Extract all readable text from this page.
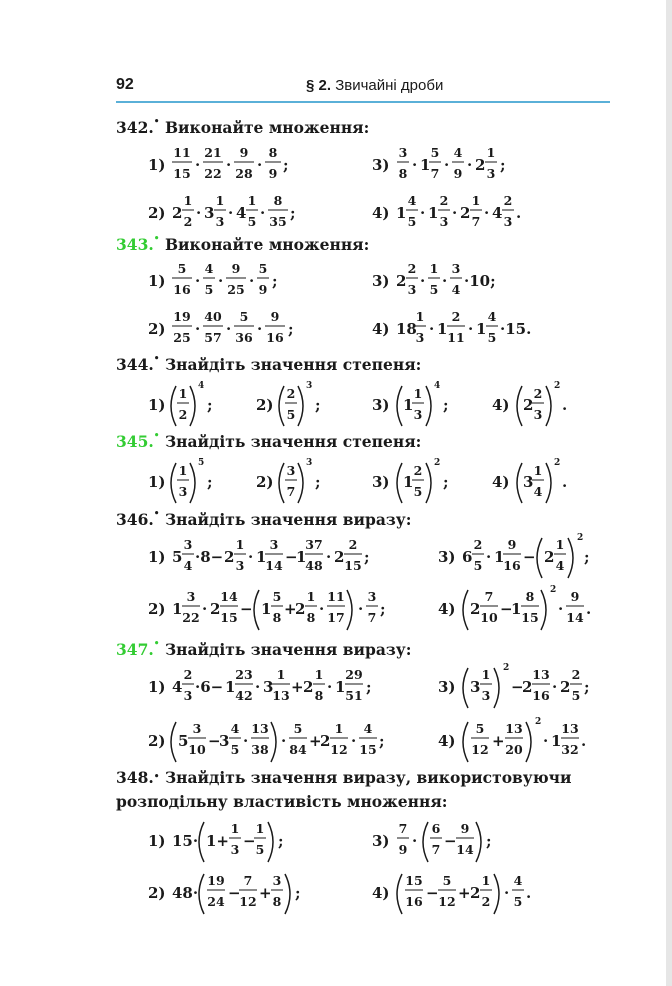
92	§ 2. Звичайні дроби
342.• Виконайте множення:
1)
11
15 ·
21
22 ·
9
28 ·
8
9 ;	3)
3
8 · 1
5
7 ·
4
9 · 2
1
3 ;
2) 2
1
2 · 3
1
3 · 4
1
5 ·
8
35 ;	4) 1
4
5 · 1
2
3 · 2
1
7 · 4
2
3 .
343.• Виконайте множення:
1)
5
16 ·
4
5 ·
9
25 ·
5
9 ;	3) 2
2
3 ·
1
5 ·
3
4 ·10;
2)
19
25 ·
40
57 ·
5
36 ·
9
16 ;	4) 18
1
3 · 1
2
11 · 1
4
5 ·15.
344.• Знайдіть значення степеня:
1)
1
2
4
;	2)
2
5
3
;	3) 1
1
3
4
;	4) 2
2
3
2
.
345.• Знайдіть значення степеня:
1)
1
3
5
;	2)
3
7
3
;	3) 1
2
5
2
;	4) 3
1
4
2
.
346.• Знайдіть значення виразу:
1) 5
3
4 ·8− 2
1
3 · 1
3
14 −
1
37
48 · 2
2
15 ;	3) 6
2
5 · 1
9
16 − 2
1
4
2
;
2) 1
3
22 · 2
14
15 − 1
5
8 +
2
1
8 ·
11
17 ·
3
7 ;	4) 2
7
10 −
1
8
15
2
·
9
14 .
347.• Знайдіть значення виразу:
1) 4
2
3 ·6− 1
23
42 · 3
1
13 + 2
1
8 · 1
29
51 ;	3) 3
1
3
2
−
2
13
16 · 2
2
5 ;
2) 5
3
10 −
3
4
5 ·
13
38 ·
5
84 +
2
1
12 ·
4
15 ;	4)
5
12 +
13
20
2
· 1
13
32 .
348.• Знайдіть значення виразу, використовуючи розподільну властивість множення:
1) 15· 1+
1
3 −
1
5 ;	3)
7
9 ·
6
7 −
9
14 ;
2) 48·
19
24 −
7
12 +
3
8 ;	4)
15
16 −
5
12 + 2
1
2 ·
4
5 .
